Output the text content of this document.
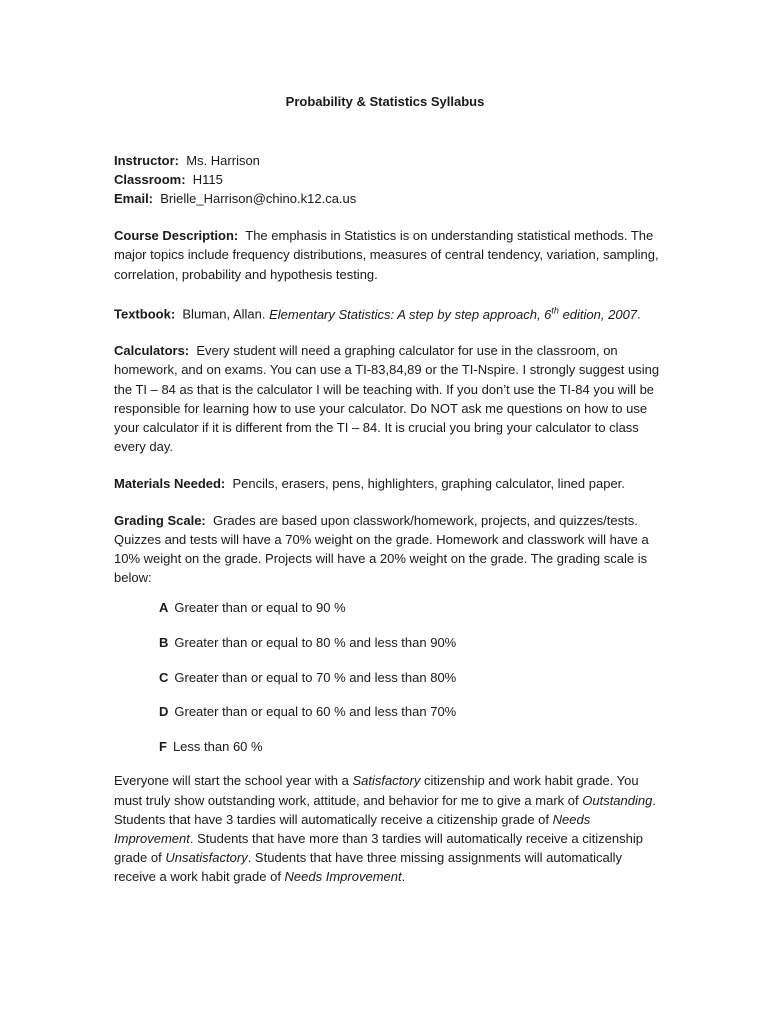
Probability & Statistics Syllabus

Instructor: Ms. Harrison

Classroom: H115

Email: Brielle_Harrison@chino.k12.ca.us

Course Description: The emphasis in Statistics is on understanding statistical methods. The major topics include frequency distributions, measures of central tendency, variation, sampling, correlation, probability and hypothesis testing.

Textbook: Bluman, Allan. Elementary Statistics: A step by step approach, 6th edition, 2007.

Calculators: Every student will need a graphing calculator for use in the classroom, on homework, and on exams. You can use a TI-83,84,89 or the TI-Nspire. I strongly suggest using the TI – 84 as that is the calculator I will be teaching with. If you don’t use the TI-84 you will be responsible for learning how to use your calculator. Do NOT ask me questions on how to use your calculator if it is different from the TI – 84. It is crucial you bring your calculator to class every day.

Materials Needed: Pencils, erasers, pens, highlighters, graphing calculator, lined paper.

Grading Scale: Grades are based upon classwork/homework, projects, and quizzes/tests. Quizzes and tests will have a 70% weight on the grade. Homework and classwork will have a 10% weight on the grade. Projects will have a 20% weight on the grade. The grading scale is below:

A Greater than or equal to 90 %
B Greater than or equal to 80 % and less than 90%
C Greater than or equal to 70 % and less than 80%
D Greater than or equal to 60 % and less than 70%
F Less than 60 %

Everyone will start the school year with a Satisfactory citizenship and work habit grade. You must truly show outstanding work, attitude, and behavior for me to give a mark of Outstanding. Students that have 3 tardies will automatically receive a citizenship grade of Needs Improvement. Students that have more than 3 tardies will automatically receive a citizenship grade of Unsatisfactory. Students that have three missing assignments will automatically receive a work habit grade of Needs Improvement.
